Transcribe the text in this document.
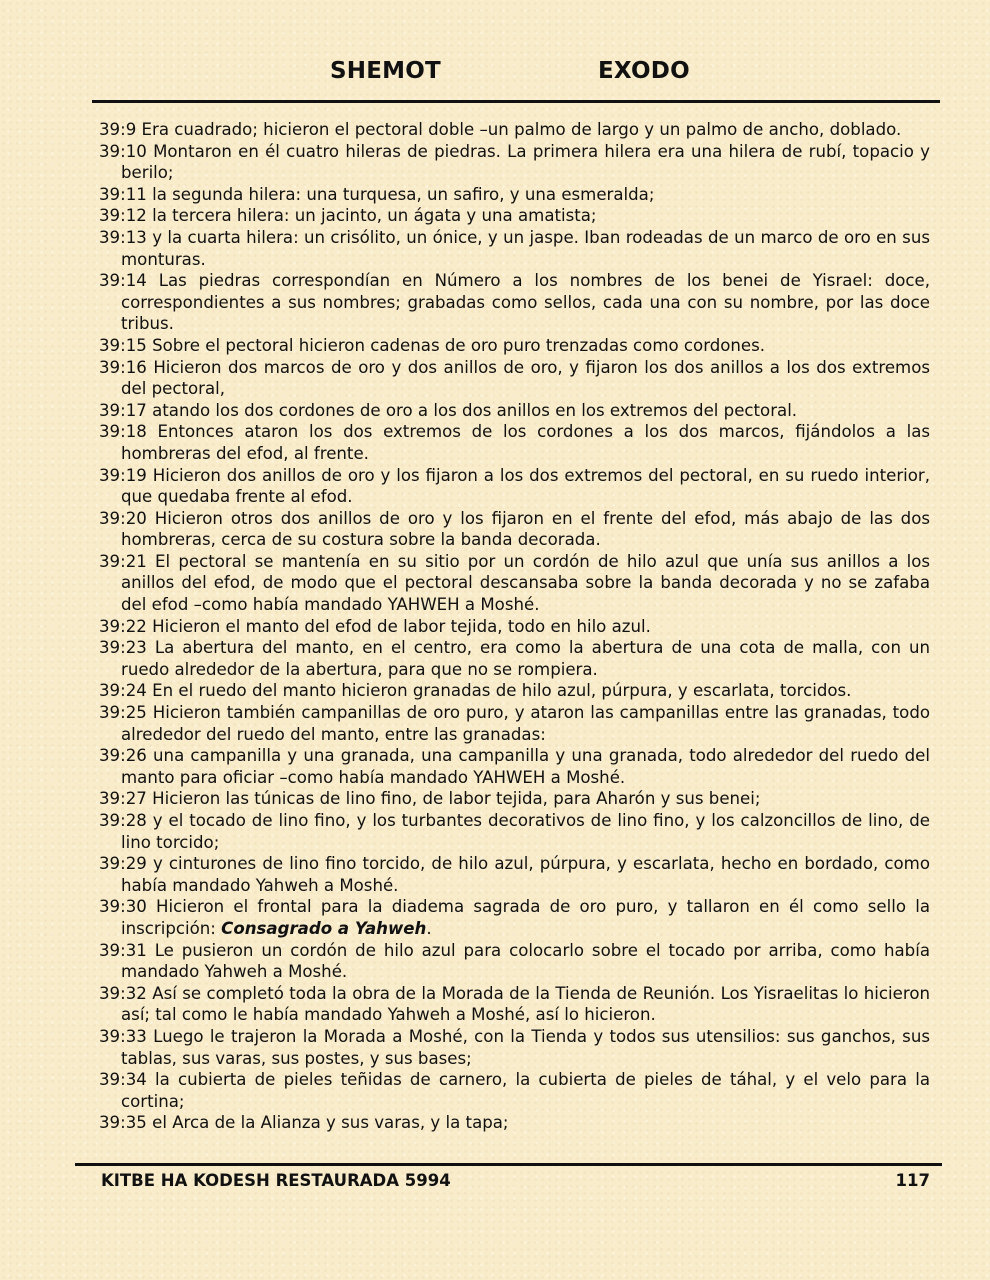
SHEMOT	EXODO

39:9 Era cuadrado; hicieron el pectoral doble –un palmo de largo y un palmo de ancho, doblado.

39:10 Montaron en él cuatro hileras de piedras. La primera hilera era una hilera de rubí, topacio y berilo;

39:11 la segunda hilera: una turquesa, un safiro, y una esmeralda;

39:12 la tercera hilera: un jacinto, un ágata y una amatista;

39:13 y la cuarta hilera: un crisólito, un ónice, y un jaspe. Iban rodeadas de un marco de oro en sus monturas.

39:14 Las piedras correspondían en Número a los nombres de los benei de Yisrael: doce, correspondientes a sus nombres; grabadas como sellos, cada una con su nombre, por las doce tribus.

39:15 Sobre el pectoral hicieron cadenas de oro puro trenzadas como cordones.

39:16 Hicieron dos marcos de oro y dos anillos de oro, y fijaron los dos anillos a los dos extremos del pectoral,

39:17 atando los dos cordones de oro a los dos anillos en los extremos del pectoral.

39:18 Entonces ataron los dos extremos de los cordones a los dos marcos, fijándolos a las hombreras del efod, al frente.

39:19 Hicieron dos anillos de oro y los fijaron a los dos extremos del pectoral, en su ruedo interior, que quedaba frente al efod.

39:20 Hicieron otros dos anillos de oro y los fijaron en el frente del efod, más abajo de las dos hombreras, cerca de su costura sobre la banda decorada.

39:21 El pectoral se mantenía en su sitio por un cordón de hilo azul que unía sus anillos a los anillos del efod, de modo que el pectoral descansaba sobre la banda decorada y no se zafaba del efod –como había mandado YAHWEH a Moshé.

39:22 Hicieron el manto del efod de labor tejida, todo en hilo azul.

39:23 La abertura del manto, en el centro, era como la abertura de una cota de malla, con un ruedo alrededor de la abertura, para que no se rompiera.

39:24 En el ruedo del manto hicieron granadas de hilo azul, púrpura, y escarlata, torcidos.

39:25 Hicieron también campanillas de oro puro, y ataron las campanillas entre las granadas, todo alrededor del ruedo del manto, entre las granadas:

39:26 una campanilla y una granada, una campanilla y una granada, todo alrededor del ruedo del manto para oficiar –como había mandado YAHWEH a Moshé.

39:27 Hicieron las túnicas de lino fino, de labor tejida, para Aharón y sus benei;

39:28 y el tocado de lino fino, y los turbantes decorativos de lino fino, y los calzoncillos de lino, de lino torcido;

39:29 y cinturones de lino fino torcido, de hilo azul, púrpura, y escarlata, hecho en bordado, como había mandado Yahweh a Moshé.

39:30 Hicieron el frontal para la diadema sagrada de oro puro, y tallaron en él como sello la inscripción: Consagrado a Yahweh.

39:31 Le pusieron un cordón de hilo azul para colocarlo sobre el tocado por arriba, como había mandado Yahweh a Moshé.

39:32 Así se completó toda la obra de la Morada de la Tienda de Reunión. Los Yisraelitas lo hicieron así; tal como le había mandado Yahweh a Moshé, así lo hicieron.

39:33 Luego le trajeron la Morada a Moshé, con la Tienda y todos sus utensilios: sus ganchos, sus tablas, sus varas, sus postes, y sus bases;

39:34 la cubierta de pieles teñidas de carnero, la cubierta de pieles de táhal, y el velo para la cortina;

39:35 el Arca de la Alianza y sus varas, y la tapa;

KITBE HA KODESH RESTAURADA 5994	117
